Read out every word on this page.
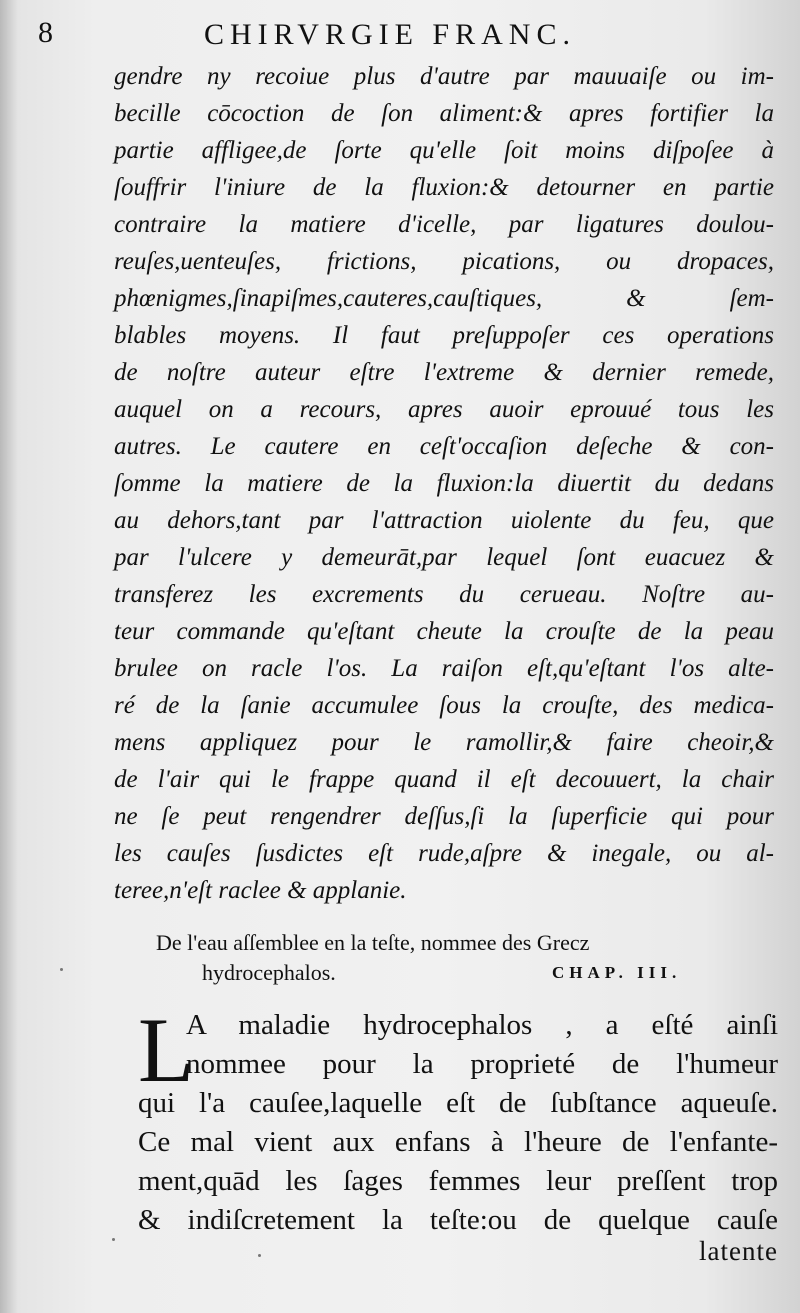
8	CHIRVRGIE FRANC.
gendre ny recoiue plus d'autre par mauuaiſe ou im-
becille cōcoction de ſon aliment:& apres fortifier la
partie affligee,de ſorte qu'elle ſoit moins diſpoſee à
ſouffrir l'iniure de la fluxion:& detourner en partie
contraire la matiere d'icelle, par ligatures doulou-
reuſes,uenteuſes, frictions, pications, ou dropaces,
phœnigmes,ſinapiſmes,cauteres,cauſtiques, & ſem-
blables moyens. Il faut preſuppoſer ces operations
de noſtre auteur eſtre l'extreme & dernier remede,
auquel on a recours, apres auoir eprouué tous les
autres. Le cautere en ceſt'occaſion deſeche & con-
ſomme la matiere de la fluxion:la diuertit du dedans
au dehors,tant par l'attraction uiolente du feu, que
par l'ulcere y demeurāt,par lequel ſont euacuez &
transferez les excrements du cerueau. Noſtre au-
teur commande qu'eſtant cheute la crouſte de la peau
brulee on racle l'os. La raiſon eſt,qu'eſtant l'os alte-
ré de la ſanie accumulee ſous la crouſte, des medica-
mens appliquez pour le ramollir,& faire cheoir,&
de l'air qui le frappe quand il eſt decouuert, la chair
ne ſe peut rengendrer deſſus,ſi la ſuperficie qui pour
les cauſes ſusdictes eſt rude,aſpre & inegale, ou al-
teree,n'eſt raclee & applanie.
De l'eau aſſemblee en la teſte, nommee des Grecz
hydrocephalos.	CHAP. III.
L
A maladie hydrocephalos , a eſté ainſi
nommee pour la proprieté de l'humeur
qui l'a cauſee,laquelle eſt de ſubſtance aqueuſe.
Ce mal vient aux enfans à l'heure de l'enfante-
ment,quād les ſages femmes leur preſſent trop
& indiſcretement la teſte:ou de quelque cauſe
latente
